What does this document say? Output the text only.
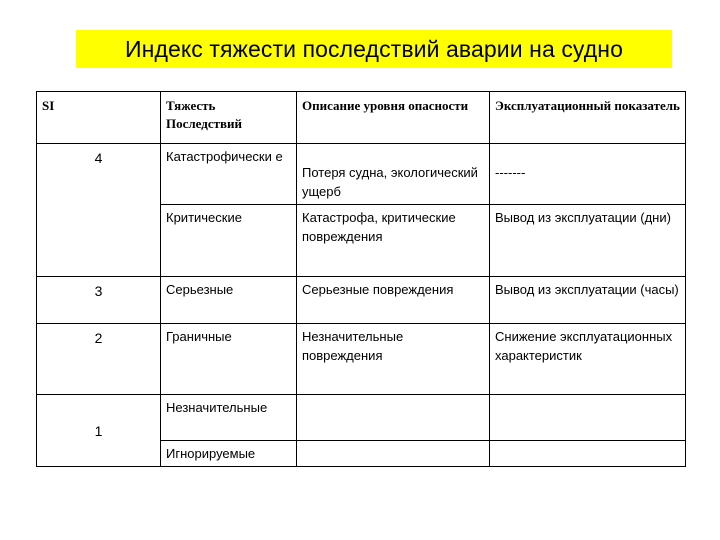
Индекс тяжести последствий аварии на судно
SI	Тяжесть Последствий	Описание уровня опасности	Эксплуатационный показатель
4	Катастрофически е	Потеря судна, экологический ущерб	-------
	Критические	Катастрофа, критические повреждения	Вывод из эксплуатации (дни)
3	Серьезные	Серьезные повреждения	Вывод из эксплуатации (часы)
2	Граничные	Незначительные повреждения	Снижение эксплуатационных характеристик
1	Незначительные		
	Игнорируемые		
